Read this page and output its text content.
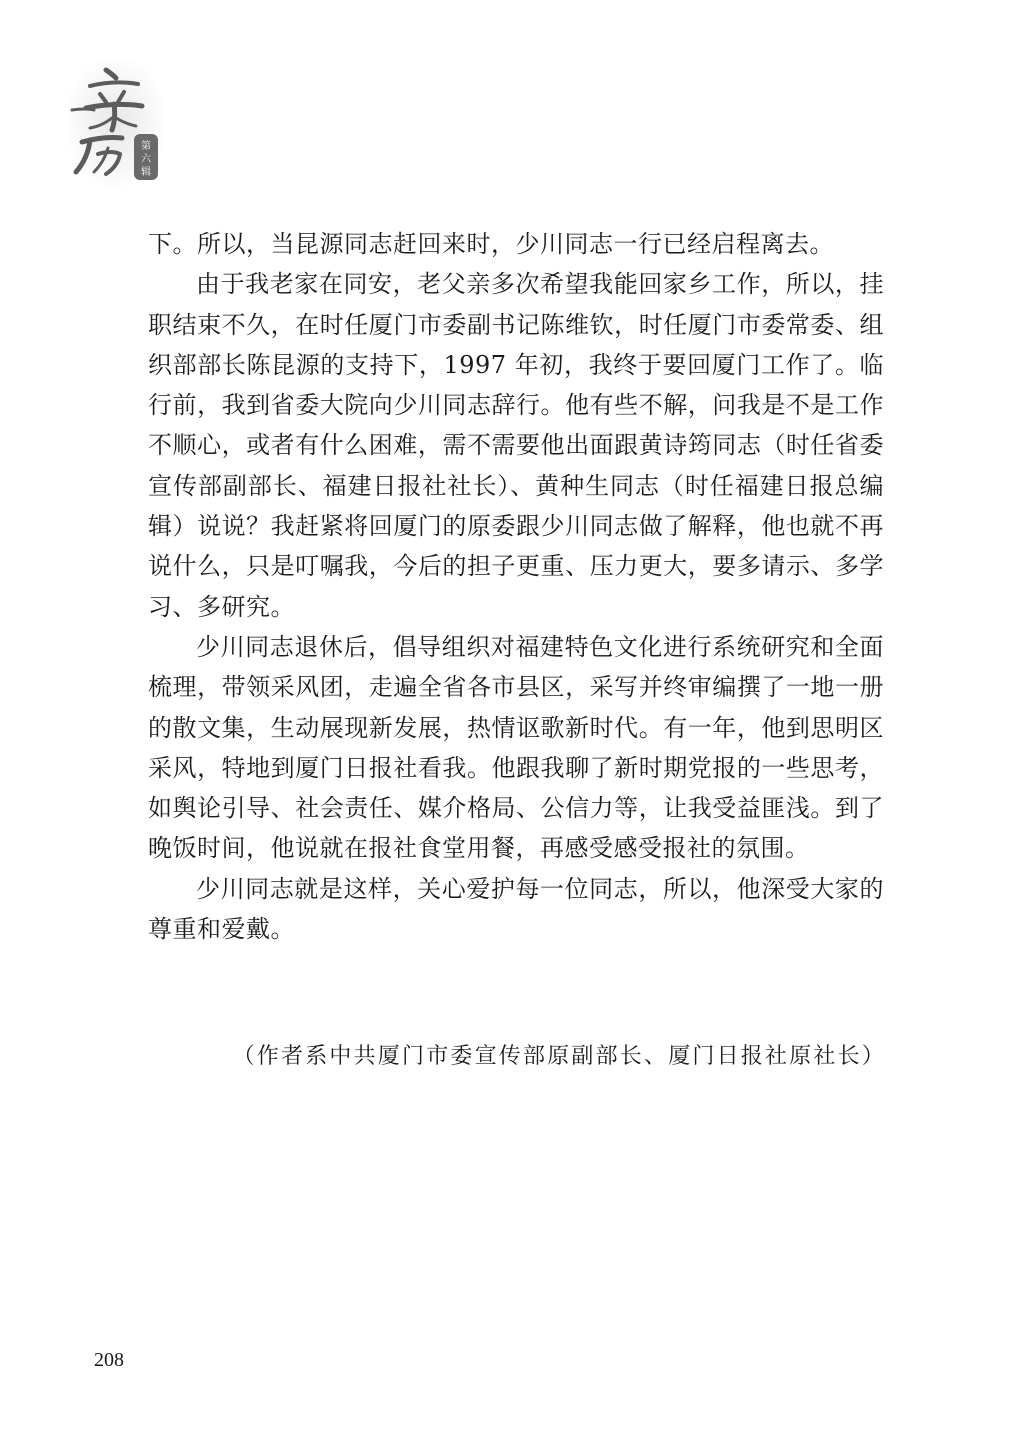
第
六
辑

下。所以，当昆源同志赶回来时，少川同志一行已经启程离去。

由于我老家在同安，老父亲多次希望我能回家乡工作，所以，挂职结束不久，在时任厦门市委副书记陈维钦，时任厦门市委常委、组织部部长陈昆源的支持下，1997 年初，我终于要回厦门工作了。临行前，我到省委大院向少川同志辞行。他有些不解，问我是不是工作不顺心，或者有什么困难，需不需要他出面跟黄诗筠同志（时任省委宣传部副部长、福建日报社社长）、黄种生同志（时任福建日报总编辑）说说？我赶紧将回厦门的原委跟少川同志做了解释，他也就不再说什么，只是叮嘱我，今后的担子更重、压力更大，要多请示、多学习、多研究。

少川同志退休后，倡导组织对福建特色文化进行系统研究和全面梳理，带领采风团，走遍全省各市县区，采写并终审编撰了一地一册的散文集，生动展现新发展，热情讴歌新时代。有一年，他到思明区采风，特地到厦门日报社看我。他跟我聊了新时期党报的一些思考，如舆论引导、社会责任、媒介格局、公信力等，让我受益匪浅。到了晚饭时间，他说就在报社食堂用餐，再感受感受报社的氛围。

少川同志就是这样，关心爱护每一位同志，所以，他深受大家的尊重和爱戴。

（作者系中共厦门市委宣传部原副部长、厦门日报社原社长）
208
